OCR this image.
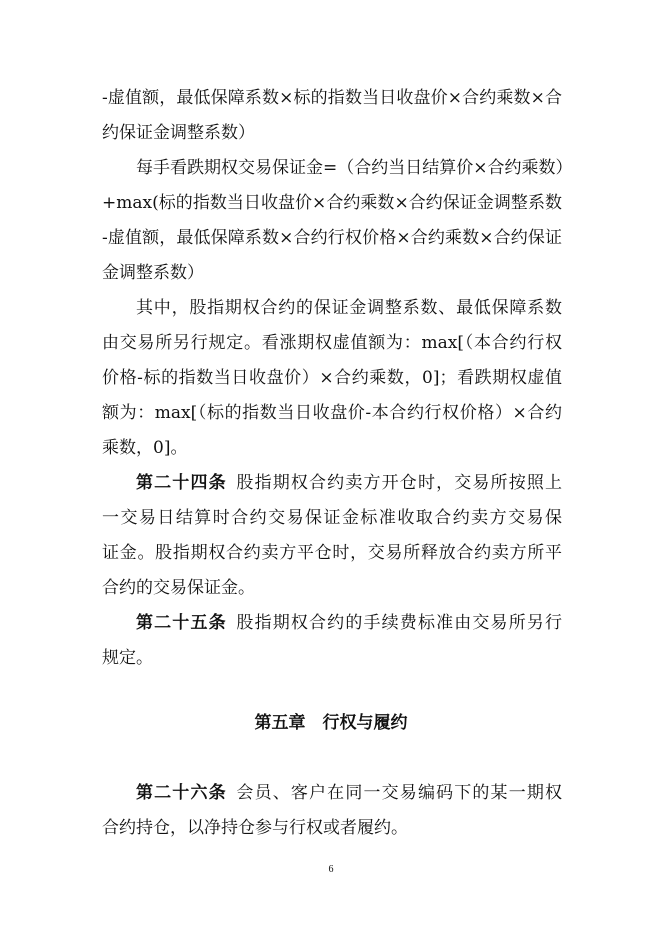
-虚值额，最低保障系数×标的指数当日收盘价×合约乘数×合
约保证金调整系数）
每手看跌期权交易保证金=（合约当日结算价×合约乘数）
+max(标的指数当日收盘价×合约乘数×合约保证金调整系数
-虚值额，最低保障系数×合约行权价格×合约乘数×合约保证
金调整系数）
其中，股指期权合约的保证金调整系数、最低保障系数
由交易所另行规定。看涨期权虚值额为：max[（本合约行权
价格-标的指数当日收盘价）×合约乘数，0]；看跌期权虚值
额为：max[（标的指数当日收盘价-本合约行权价格）×合约
乘数，0]。
第二十四条  股指期权合约卖方开仓时，交易所按照上
一交易日结算时合约交易保证金标准收取合约卖方交易保
证金。股指期权合约卖方平仓时，交易所释放合约卖方所平
合约的交易保证金。
第二十五条  股指期权合约的手续费标准由交易所另行
规定。
第五章　行权与履约
第二十六条  会员、客户在同一交易编码下的某一期权
合约持仓，以净持仓参与行权或者履约。
6
